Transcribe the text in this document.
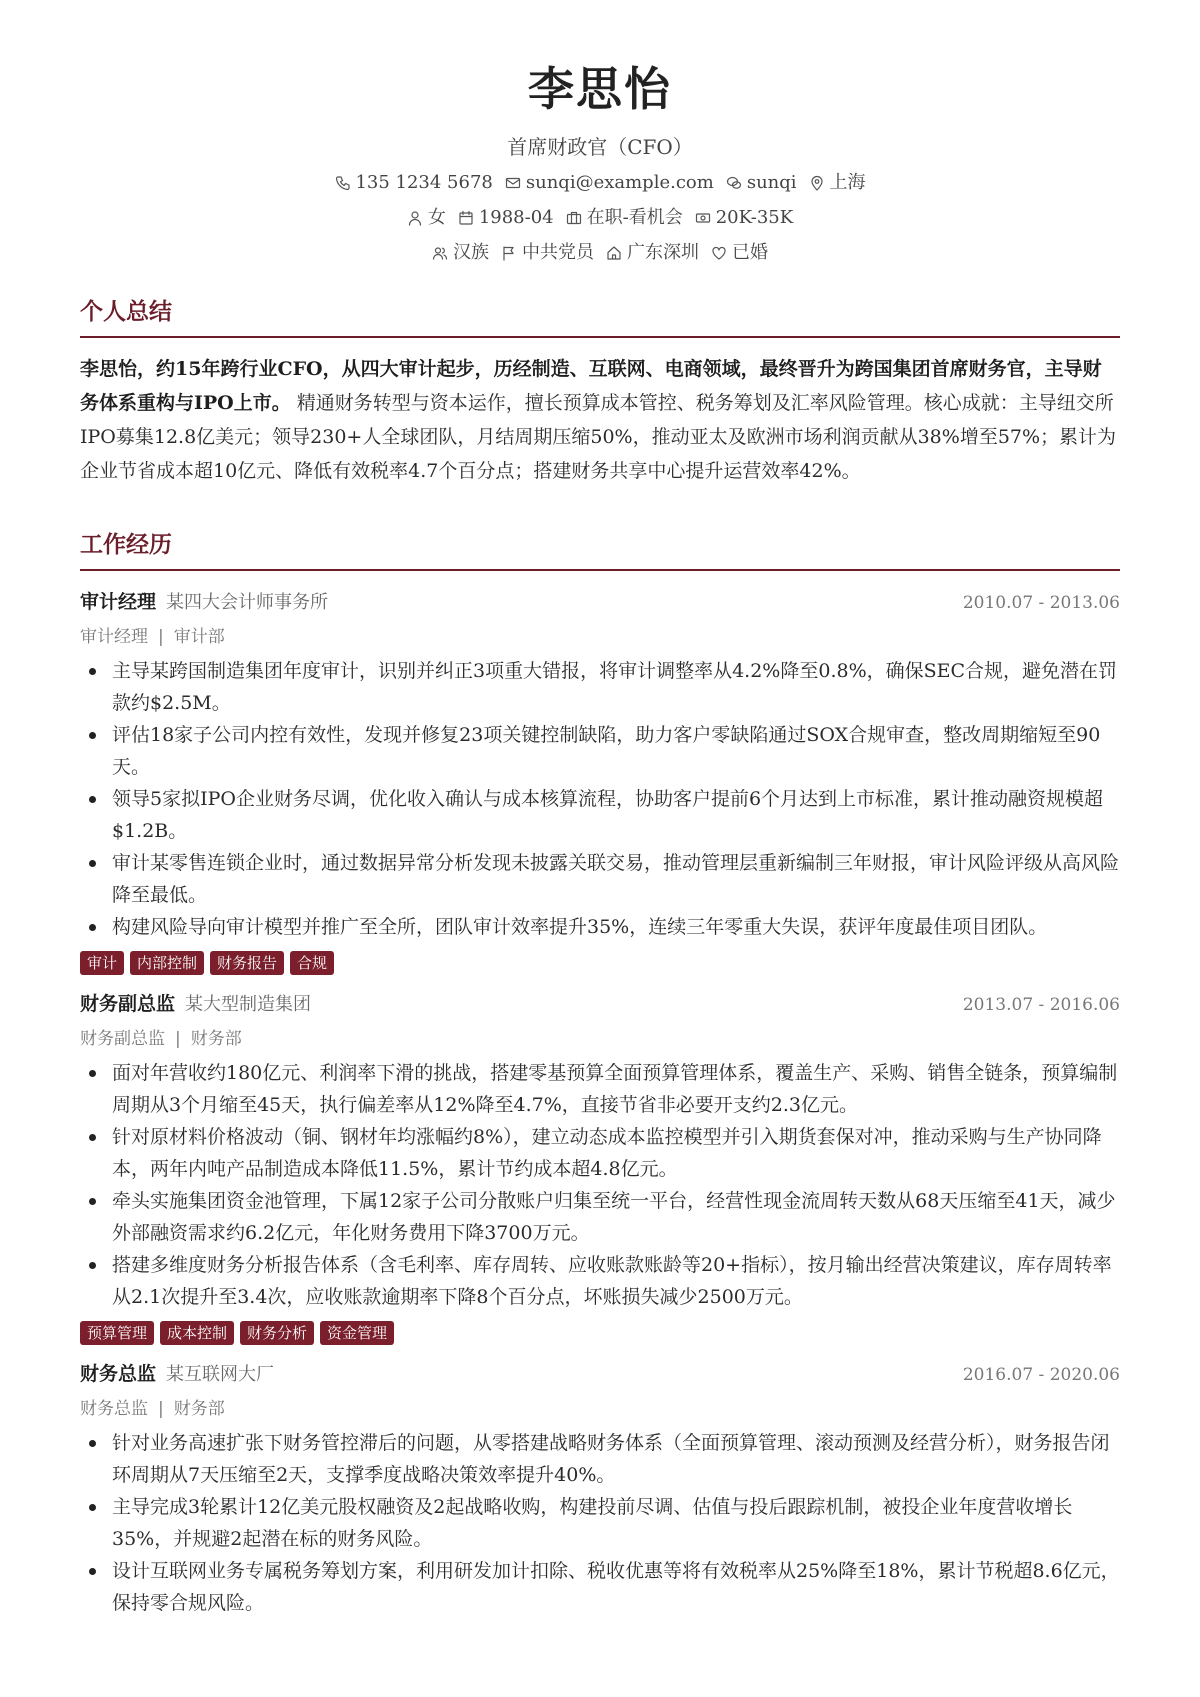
李思怡
首席财政官（CFO）
135 1234 5678 sunqi@example.com sunqi 上海
女 1988-04 在职-看机会 20K-35K
汉族 中共党员 广东深圳 已婚
个人总结
李思怡，约15年跨行业CFO，从四大审计起步，历经制造、互联网、电商领域，最终晋升为跨国集团首席财务官，主导财务体系重构与IPO上市。 精通财务转型与资本运作，擅长预算成本管控、税务筹划及汇率风险管理。核心成就：主导纽交所IPO募集12.8亿美元；领导230+人全球团队，月结周期压缩50%，推动亚太及欧洲市场利润贡献从38%增至57%；累计为企业节省成本超10亿元、降低有效税率4.7个百分点；搭建财务共享中心提升运营效率42%。
工作经历
审计经理 某四大会计师事务所	2010.07 - 2013.06
审计经理 | 审计部
主导某跨国制造集团年度审计，识别并纠正3项重大错报，将审计调整率从4.2%降至0.8%，确保SEC合规，避免潜在罚款约$2.5M。
评估18家子公司内控有效性，发现并修复23项关键控制缺陷，助力客户零缺陷通过SOX合规审查，整改周期缩短至90天。
领导5家拟IPO企业财务尽调，优化收入确认与成本核算流程，协助客户提前6个月达到上市标准，累计推动融资规模超$1.2B。
审计某零售连锁企业时，通过数据异常分析发现未披露关联交易，推动管理层重新编制三年财报，审计风险评级从高风险降至最低。
构建风险导向审计模型并推广至全所，团队审计效率提升35%，连续三年零重大失误，获评年度最佳项目团队。
审计	内部控制	财务报告	合规
财务副总监 某大型制造集团	2013.07 - 2016.06
财务副总监 | 财务部
面对年营收约180亿元、利润率下滑的挑战，搭建零基预算全面预算管理体系，覆盖生产、采购、销售全链条，预算编制周期从3个月缩至45天，执行偏差率从12%降至4.7%，直接节省非必要开支约2.3亿元。
针对原材料价格波动（铜、钢材年均涨幅约8%），建立动态成本监控模型并引入期货套保对冲，推动采购与生产协同降本，两年内吨产品制造成本降低11.5%，累计节约成本超4.8亿元。
牵头实施集团资金池管理，下属12家子公司分散账户归集至统一平台，经营性现金流周转天数从68天压缩至41天，减少外部融资需求约6.2亿元，年化财务费用下降3700万元。
搭建多维度财务分析报告体系（含毛利率、库存周转、应收账款账龄等20+指标），按月输出经营决策建议，库存周转率从2.1次提升至3.4次，应收账款逾期率下降8个百分点，坏账损失减少2500万元。
预算管理	成本控制	财务分析	资金管理
财务总监 某互联网大厂	2016.07 - 2020.06
财务总监 | 财务部
针对业务高速扩张下财务管控滞后的问题，从零搭建战略财务体系（全面预算管理、滚动预测及经营分析），财务报告闭环周期从7天压缩至2天，支撑季度战略决策效率提升40%。
主导完成3轮累计12亿美元股权融资及2起战略收购，构建投前尽调、估值与投后跟踪机制，被投企业年度营收增长35%，并规避2起潜在标的财务风险。
设计互联网业务专属税务筹划方案，利用研发加计扣除、税收优惠等将有效税率从25%降至18%，累计节税超8.6亿元，保持零合规风险。
